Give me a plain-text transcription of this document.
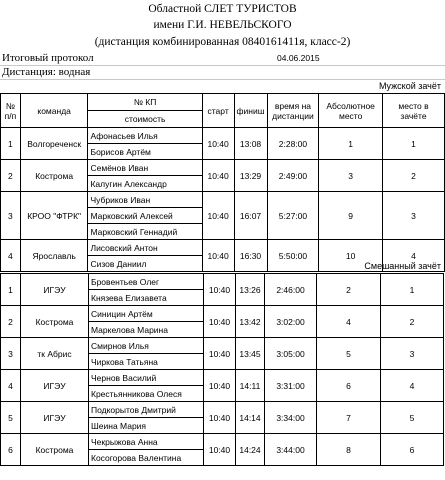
Областной СЛЕТ ТУРИСТОВ
имени Г.И. НЕВЕЛЬСКОГО
(дистанция комбинированная 0840161411я, класс-2)
Итоговый протокол	04.06.2015
Дистанция: водная
Мужской зачёт
№ п/п	команда	№ КП	старт	финиш	время на дистанции	Абсолютное место	место в зачёте
		стоимость					
1	Волгореченск	Афонасьев Илья	10:40	13:08	2:28:00	1	1
		Борисов Артём					
2	Кострома	Семёнов Иван	10:40	13:29	2:49:00	3	2
		Калугин Александр					
3	КРОО "ФТРК"	Чубриков Иван	10:40	16:07	5:27:00	9	3
		Марковский Алексей					
		Марковский Геннадий					
4	Ярославль	Лисовский Антон	10:40	16:30	5:50:00	10	4
		Сизов Даниил						Смешанный зачёт
1	ИГЭУ	Бровентьев Олег	10:40	13:26	2:46:00	2	1
		Князева Елизавета					
2	Кострома	Синицин Артём	10:40	13:42	3:02:00	4	2
		Маркелова Марина					
3	тк Абрис	Смирнов Илья	10:40	13:45	3:05:00	5	3
		Чиркова Татьяна					
4	ИГЭУ	Чернов Василий	10:40	14:11	3:31:00	6	4
		Крестьянникова Олеся					
5	ИГЭУ	Подкорытов Дмитрий	10:40	14:14	3:34:00	7	5
		Шеина Мария					
6	Кострома	Чекрыжова Анна	10:40	14:24	3:44:00	8	6
		Косогорова Валентина					
